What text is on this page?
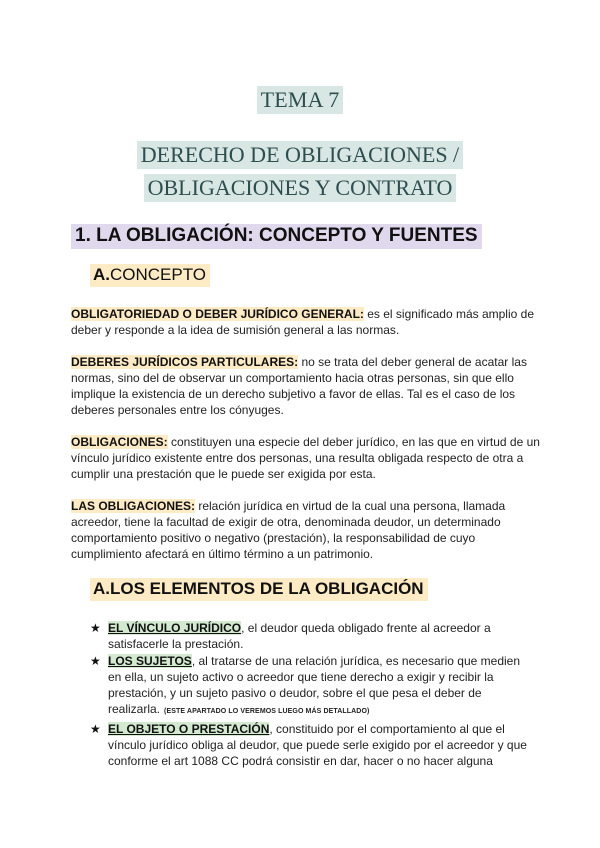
TEMA 7
DERECHO DE OBLIGACIONES /
OBLIGACIONES Y CONTRATO
1. LA OBLIGACIÓN: CONCEPTO Y FUENTES
A.CONCEPTO
OBLIGATORIEDAD O DEBER JURÍDICO GENERAL: es el significado más amplio de deber y responde a la idea de sumisión general a las normas.
DEBERES JURÍDICOS PARTICULARES: no se trata del deber general de acatar las normas, sino del de observar un comportamiento hacia otras personas, sin que ello implique la existencia de un derecho subjetivo a favor de ellas. Tal es el caso de los deberes personales entre los cónyuges.
OBLIGACIONES: constituyen una especie del deber jurídico, en las que en virtud de un vínculo jurídico existente entre dos personas, una resulta obligada respecto de otra a cumplir una prestación que le puede ser exigida por esta.
LAS OBLIGACIONES: relación jurídica en virtud de la cual una persona, llamada acreedor, tiene la facultad de exigir de otra, denominada deudor, un determinado comportamiento positivo o negativo (prestación), la responsabilidad de cuyo cumplimiento afectará en último término a un patrimonio.
A.LOS ELEMENTOS DE LA OBLIGACIÓN
★ EL VÍNCULO JURÍDICO, el deudor queda obligado frente al acreedor a satisfacerle la prestación.
★ LOS SUJETOS, al tratarse de una relación jurídica, es necesario que medien en ella, un sujeto activo o acreedor que tiene derecho a exigir y recibir la prestación, y un sujeto pasivo o deudor, sobre el que pesa el deber de realizarla. (ESTE APARTADO LO VEREMOS LUEGO MÁS DETALLADO)
★ EL OBJETO O PRESTACIÓN, constituido por el comportamiento al que el vínculo jurídico obliga al deudor, que puede serle exigido por el acreedor y que conforme el art 1088 CC podrá consistir en dar, hacer o no hacer alguna
